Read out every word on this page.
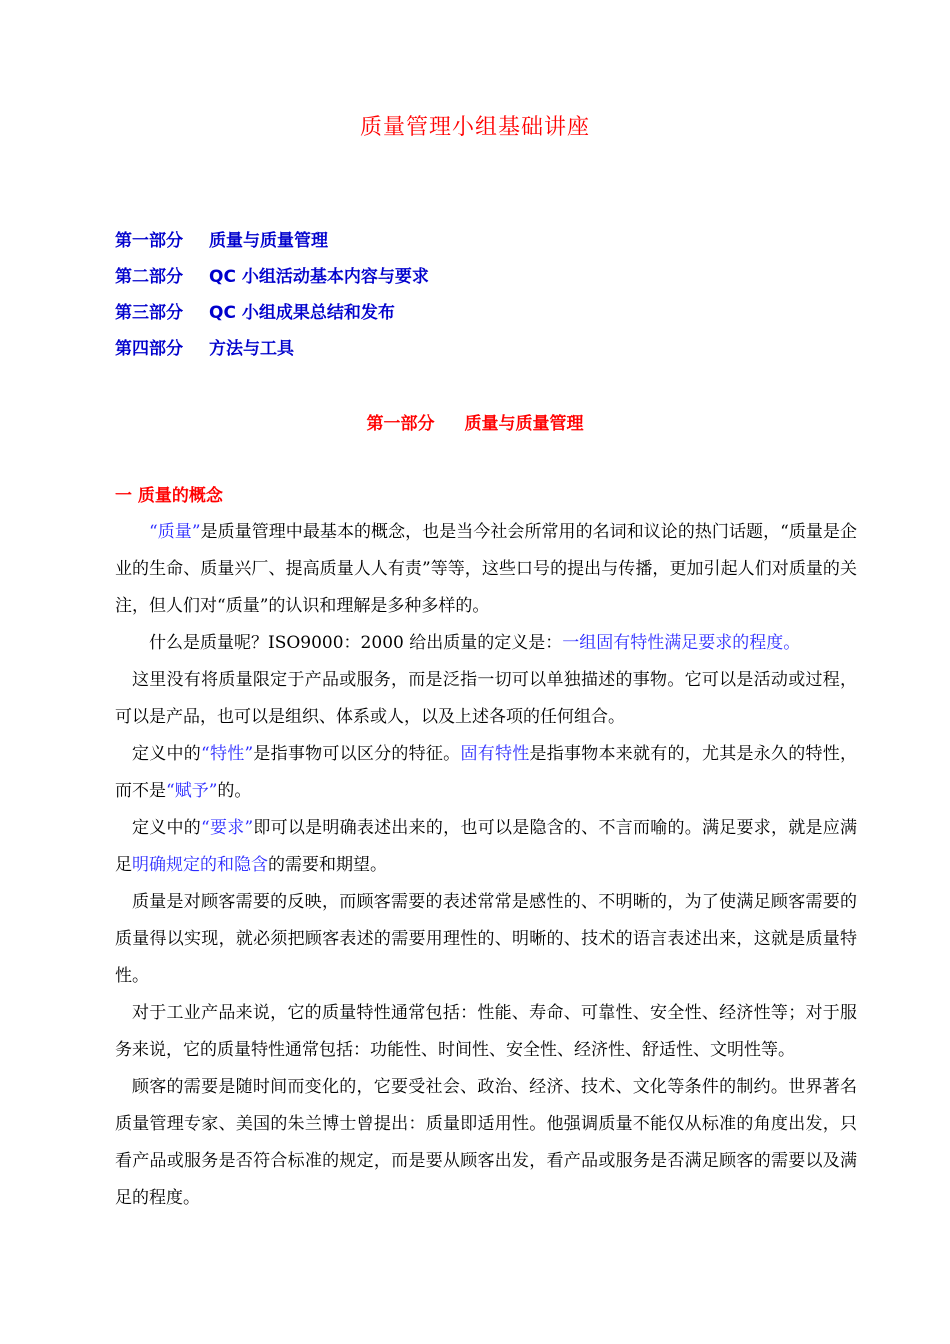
质量管理小组基础讲座
第一部分 质量与质量管理
第二部分 QC 小组活动基本内容与要求
第三部分 QC 小组成果总结和发布
第四部分 方法与工具
第一部分 质量与质量管理
一 质量的概念

“质量”是质量管理中最基本的概念，也是当今社会所常用的名词和议论的热门话题，“质量是企业的生命、质量兴厂、提高质量人人有责”等等，这些口号的提出与传播，更加引起人们对质量的关注，但人们对“质量”的认识和理解是多种多样的。

什么是质量呢？ISO9000：2000 给出质量的定义是：一组固有特性满足要求的程度。

这里没有将质量限定于产品或服务，而是泛指一切可以单独描述的事物。它可以是活动或过程，可以是产品，也可以是组织、体系或人，以及上述各项的任何组合。

定义中的“特性”是指事物可以区分的特征。固有特性是指事物本来就有的，尤其是永久的特性，而不是“赋予”的。

定义中的“要求”即可以是明确表述出来的，也可以是隐含的、不言而喻的。满足要求，就是应满足明确规定的和隐含的需要和期望。

质量是对顾客需要的反映，而顾客需要的表述常常是感性的、不明晰的，为了使满足顾客需要的质量得以实现，就必须把顾客表述的需要用理性的、明晰的、技术的语言表述出来，这就是质量特性。

对于工业产品来说，它的质量特性通常包括：性能、寿命、可靠性、安全性、经济性等；对于服务来说，它的质量特性通常包括：功能性、时间性、安全性、经济性、舒适性、文明性等。

顾客的需要是随时间而变化的，它要受社会、政治、经济、技术、文化等条件的制约。世界著名质量管理专家、美国的朱兰博士曾提出：质量即适用性。他强调质量不能仅从标准的角度出发，只看产品或服务是否符合标准的规定，而是要从顾客出发，看产品或服务是否满足顾客的需要以及满足的程度。
